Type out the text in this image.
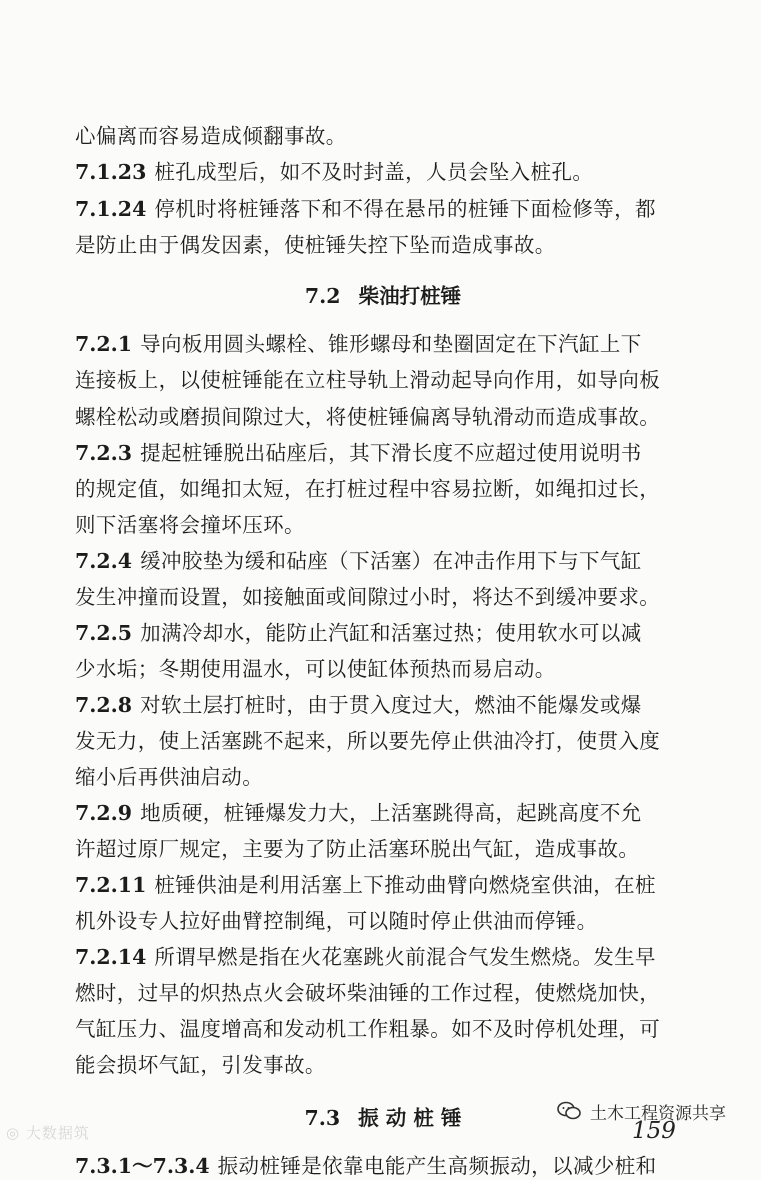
心偏离而容易造成倾翻事故。
7.1.23 桩孔成型后，如不及时封盖，人员会坠入桩孔。
7.1.24 停机时将桩锤落下和不得在悬吊的桩锤下面检修等，都
是防止由于偶发因素，使桩锤失控下坠而造成事故。
7.2 柴油打桩锤
7.2.1 导向板用圆头螺栓、锥形螺母和垫圈固定在下汽缸上下
连接板上，以使桩锤能在立柱导轨上滑动起导向作用，如导向板
螺栓松动或磨损间隙过大，将使桩锤偏离导轨滑动而造成事故。
7.2.3 提起桩锤脱出砧座后，其下滑长度不应超过使用说明书
的规定值，如绳扣太短，在打桩过程中容易拉断，如绳扣过长，
则下活塞将会撞坏压环。
7.2.4 缓冲胶垫为缓和砧座（下活塞）在冲击作用下与下气缸
发生冲撞而设置，如接触面或间隙过小时，将达不到缓冲要求。
7.2.5 加满冷却水，能防止汽缸和活塞过热；使用软水可以减
少水垢；冬期使用温水，可以使缸体预热而易启动。
7.2.8 对软土层打桩时，由于贯入度过大，燃油不能爆发或爆
发无力，使上活塞跳不起来，所以要先停止供油冷打，使贯入度
缩小后再供油启动。
7.2.9 地质硬，桩锤爆发力大，上活塞跳得高，起跳高度不允
许超过原厂规定，主要为了防止活塞环脱出气缸，造成事故。
7.2.11 桩锤供油是利用活塞上下推动曲臂向燃烧室供油，在桩
机外设专人拉好曲臂控制绳，可以随时停止供油而停锤。
7.2.14 所谓早燃是指在火花塞跳火前混合气发生燃烧。发生早
燃时，过早的炽热点火会破坏柴油锤的工作过程，使燃烧加快，
气缸压力、温度增高和发动机工作粗暴。如不及时停机处理，可
能会损坏气缸，引发事故。
7.3 振 动 桩 锤
7.3.1～7.3.4 振动桩锤是依靠电能产生高频振动，以减少桩和
◎ 大数据筑
土木工程资源共享
159
